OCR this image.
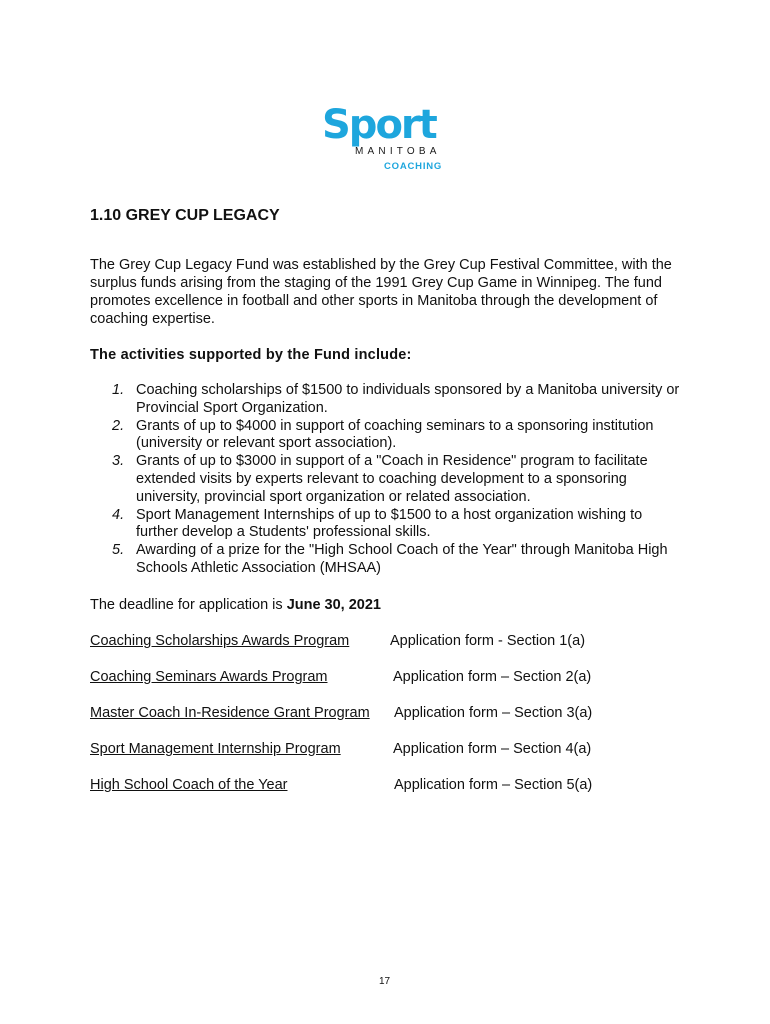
Sport
MANITOBA
COACHING
1.10 GREY CUP LEGACY

The Grey Cup Legacy Fund was established by the Grey Cup Festival Committee, with the surplus funds arising from the staging of the 1991 Grey Cup Game in Winnipeg. The fund promotes excellence in football and other sports in Manitoba through the development of coaching expertise.

The activities supported by the Fund include:
1. Coaching scholarships of $1500 to individuals sponsored by a Manitoba university or Provincial Sport Organization.
2. Grants of up to $4000 in support of coaching seminars to a sponsoring institution (university or relevant sport association).
3. Grants of up to $3000 in support of a "Coach in Residence" program to facilitate extended visits by experts relevant to coaching development to a sponsoring university, provincial sport organization or related association.
4. Sport Management Internships of up to $1500 to a host organization wishing to further develop a Students' professional skills.
5. Awarding of a prize for the "High School Coach of the Year" through Manitoba High Schools Athletic Association (MHSAA)
The deadline for application is June 30, 2021
Coaching Scholarships Awards Program	Application form - Section 1(a)
Coaching Seminars Awards Program	Application form – Section 2(a)
Master Coach In-Residence Grant Program Application form – Section 3(a)
Sport Management Internship Program	Application form – Section 4(a)
High School Coach of the Year	Application form – Section 5(a)
17
